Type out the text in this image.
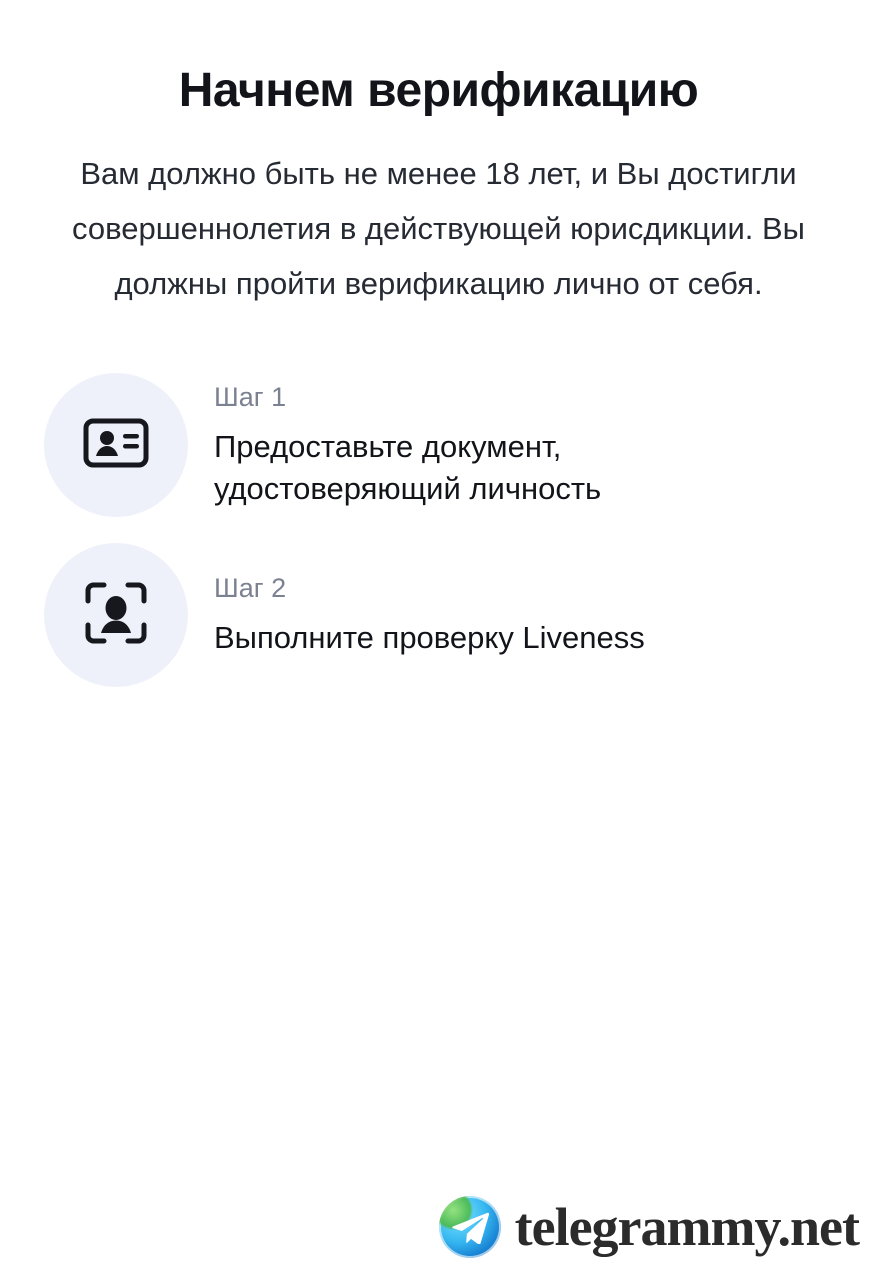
Начнем верификацию

Вам должно быть не менее 18 лет, и Вы достигли совершеннолетия в действующей юрисдикции. Вы должны пройти верификацию лично от себя.

Шаг 1
Предоставьте документ, удостоверяющий личность
Шаг 2
Выполните проверку Liveness
telegrammy.net
